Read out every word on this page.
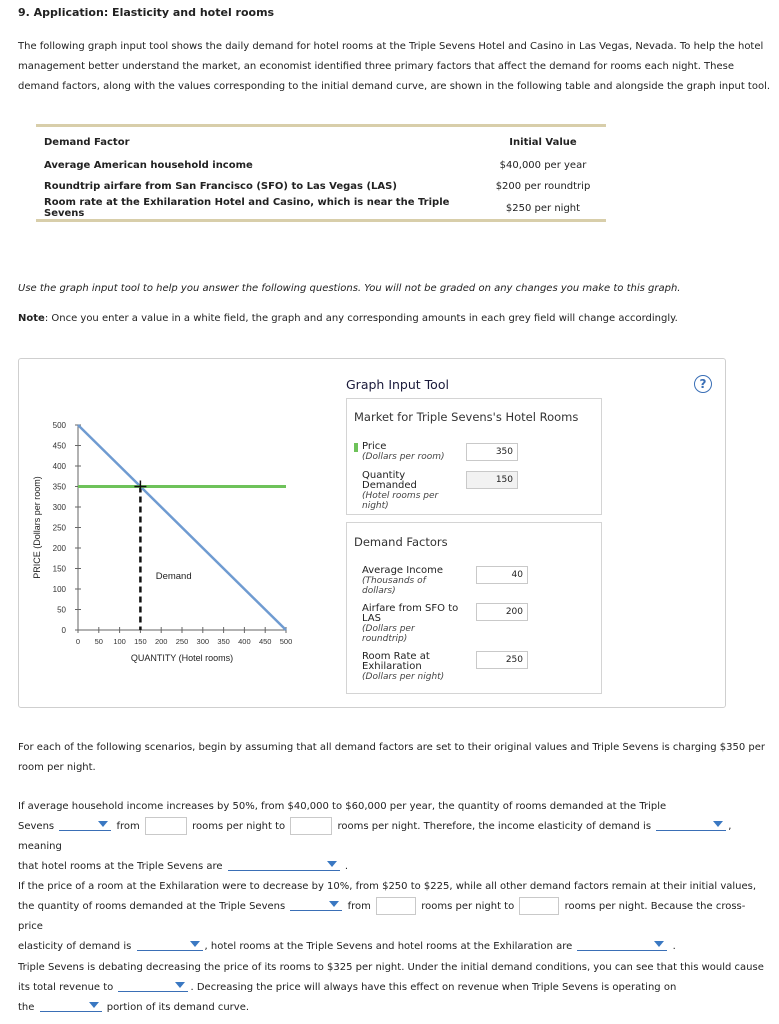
9. Application: Elasticity and hotel rooms
The following graph input tool shows the daily demand for hotel rooms at the Triple Sevens Hotel and Casino in Las Vegas, Nevada. To help the hotel management better understand the market, an economist identified three primary factors that affect the demand for rooms each night. These demand factors, along with the values corresponding to the initial demand curve, are shown in the following table and alongside the graph input tool.
Demand Factor	Initial Value
Average American household income	$40,000 per year
Roundtrip airfare from San Francisco (SFO) to Las Vegas (LAS)	$200 per roundtrip
Room rate at the Exhilaration Hotel and Casino, which is near the Triple Sevens	$250 per night
Use the graph input tool to help you answer the following questions. You will not be graded on any changes you make to this graph.
Note: Once you enter a value in a white field, the graph and any corresponding amounts in each grey field will change accordingly.
0
50
100
150
200
250
300
350
400
450
500
0 50 100 150 200 250 300 350 400 450 500
QUANTITY (Hotel rooms)
PRICE (Dollars per room)	Demand
Graph Input Tool	?
Market for Triple Sevens's Hotel Rooms
Price
(Dollars per room)	350
Quantity
Demanded
(Hotel rooms per
night)
150
Demand Factors
Average Income
(Thousands of
dollars)
40
Airfare from SFO to
LAS
(Dollars per
roundtrip)
200
Room Rate at
Exhilaration
(Dollars per night)
250
For each of the following scenarios, begin by assuming that all demand factors are set to their original values and Triple Sevens is charging $350 per room per night.
If average household income increases by 50%, from $40,000 to $60,000 per year, the quantity of rooms demanded at the Triple
Sevens	from	rooms per night to	rooms per night. Therefore, the income elasticity of demand is	, meaning
that hotel rooms at the Triple Sevens are	.
If the price of a room at the Exhilaration were to decrease by 10%, from $250 to $225, while all other demand factors remain at their initial values,
the quantity of rooms demanded at the Triple Sevens	from	rooms per night to	rooms per night. Because the cross-price
elasticity of demand is	, hotel rooms at the Triple Sevens and hotel rooms at the Exhilaration are	.
Triple Sevens is debating decreasing the price of its rooms to $325 per night. Under the initial demand conditions, you can see that this would cause
its total revenue to	. Decreasing the price will always have this effect on revenue when Triple Sevens is operating on
the	portion of its demand curve.
